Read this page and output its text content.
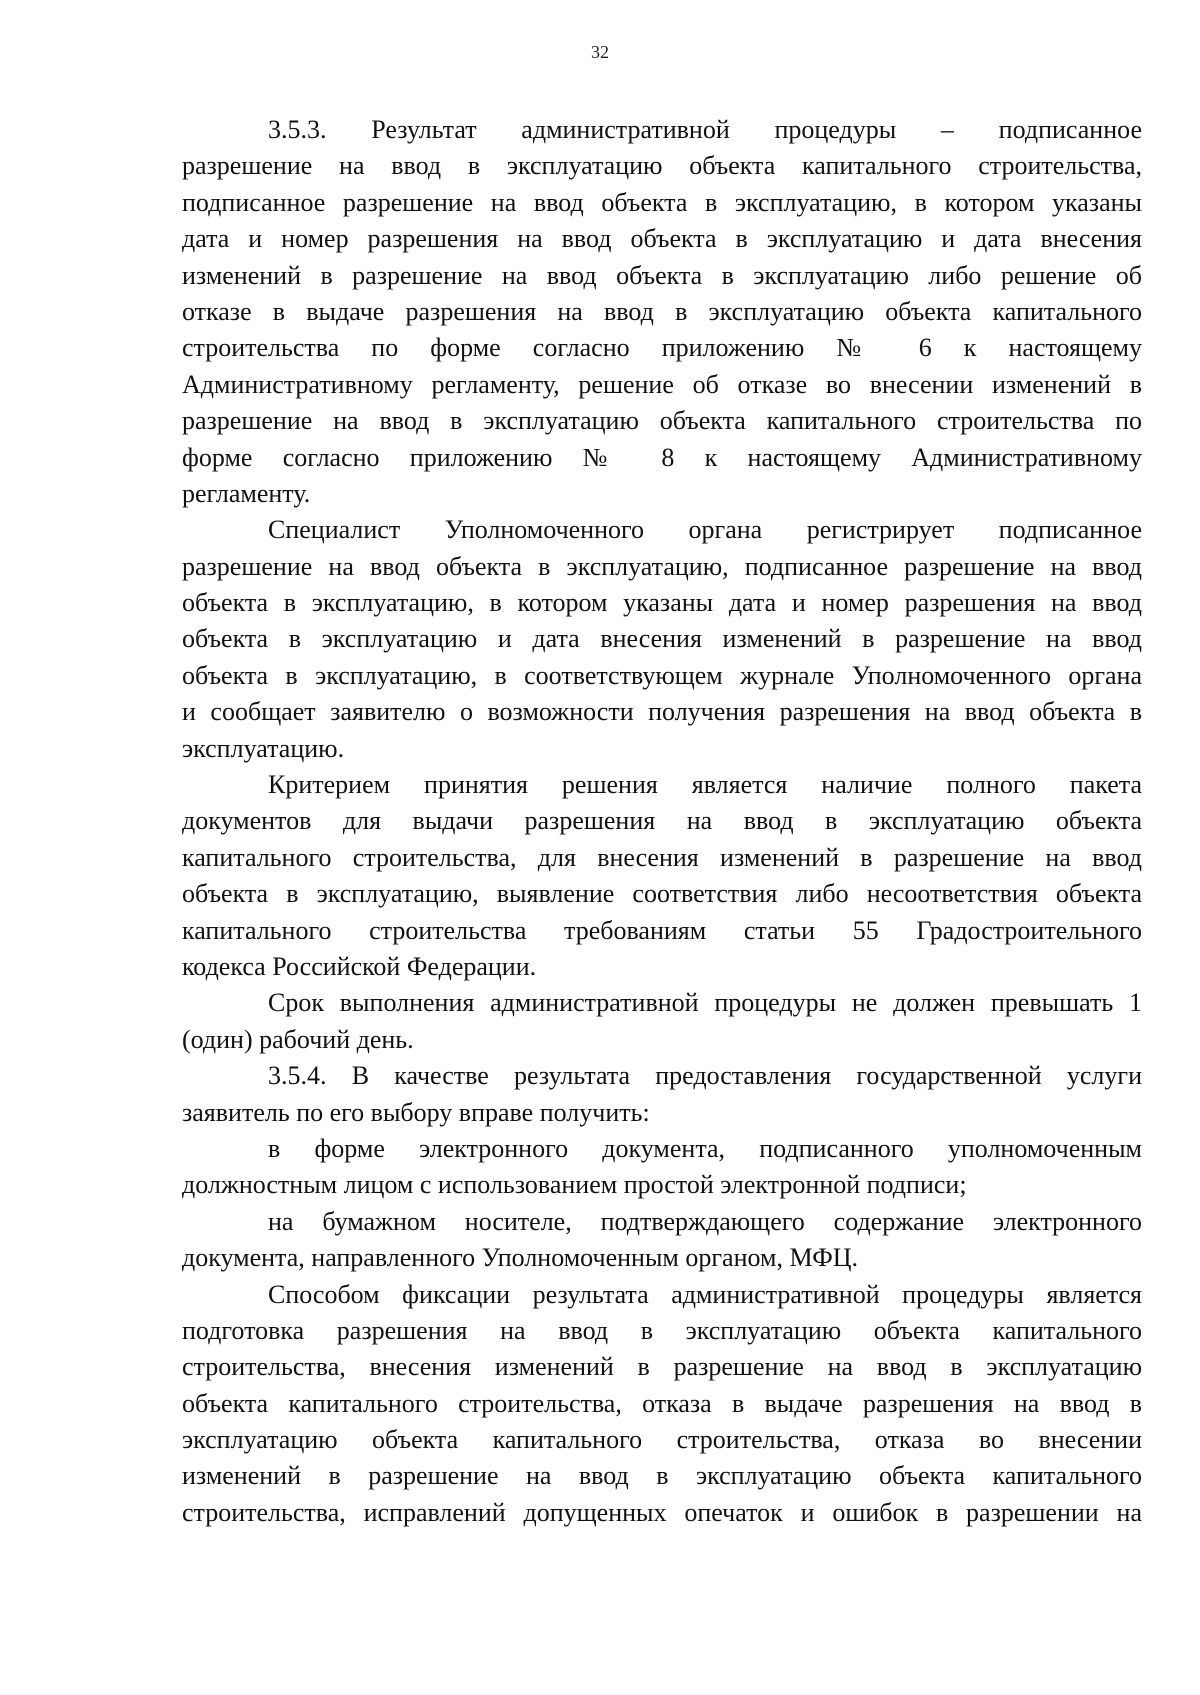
32
3.5.3. Результат административной процедуры – подписанное
разрешение на ввод в эксплуатацию объекта капитального строительства,
подписанное разрешение на ввод объекта в эксплуатацию, в котором указаны
дата и номер разрешения на ввод объекта в эксплуатацию и дата внесения
изменений в разрешение на ввод объекта в эксплуатацию либо решение об
отказе в выдаче разрешения на ввод в эксплуатацию объекта капитального
строительства по форме согласно приложению № 6 к настоящему
Административному регламенту, решение об отказе во внесении изменений в
разрешение на ввод в эксплуатацию объекта капитального строительства по
форме согласно приложению № 8 к настоящему Административному
регламенту.
Специалист Уполномоченного органа регистрирует подписанное
разрешение на ввод объекта в эксплуатацию, подписанное разрешение на ввод
объекта в эксплуатацию, в котором указаны дата и номер разрешения на ввод
объекта в эксплуатацию и дата внесения изменений в разрешение на ввод
объекта в эксплуатацию, в соответствующем журнале Уполномоченного органа
и сообщает заявителю о возможности получения разрешения на ввод объекта в
эксплуатацию.
Критерием принятия решения является наличие полного пакета
документов для выдачи разрешения на ввод в эксплуатацию объекта
капитального строительства, для внесения изменений в разрешение на ввод
объекта в эксплуатацию, выявление соответствия либо несоответствия объекта
капитального строительства требованиям статьи 55 Градостроительного
кодекса Российской Федерации.
Срок выполнения административной процедуры не должен превышать 1
(один) рабочий день.
3.5.4. В качестве результата предоставления государственной услуги
заявитель по его выбору вправе получить:
в форме электронного документа, подписанного уполномоченным
должностным лицом с использованием простой электронной подписи;
на бумажном носителе, подтверждающего содержание электронного
документа, направленного Уполномоченным органом, МФЦ.
Способом фиксации результата административной процедуры является
подготовка разрешения на ввод в эксплуатацию объекта капитального
строительства, внесения изменений в разрешение на ввод в эксплуатацию
объекта капитального строительства, отказа в выдаче разрешения на ввод в
эксплуатацию объекта капитального строительства, отказа во внесении
изменений в разрешение на ввод в эксплуатацию объекта капитального
строительства, исправлений допущенных опечаток и ошибок в разрешении на
